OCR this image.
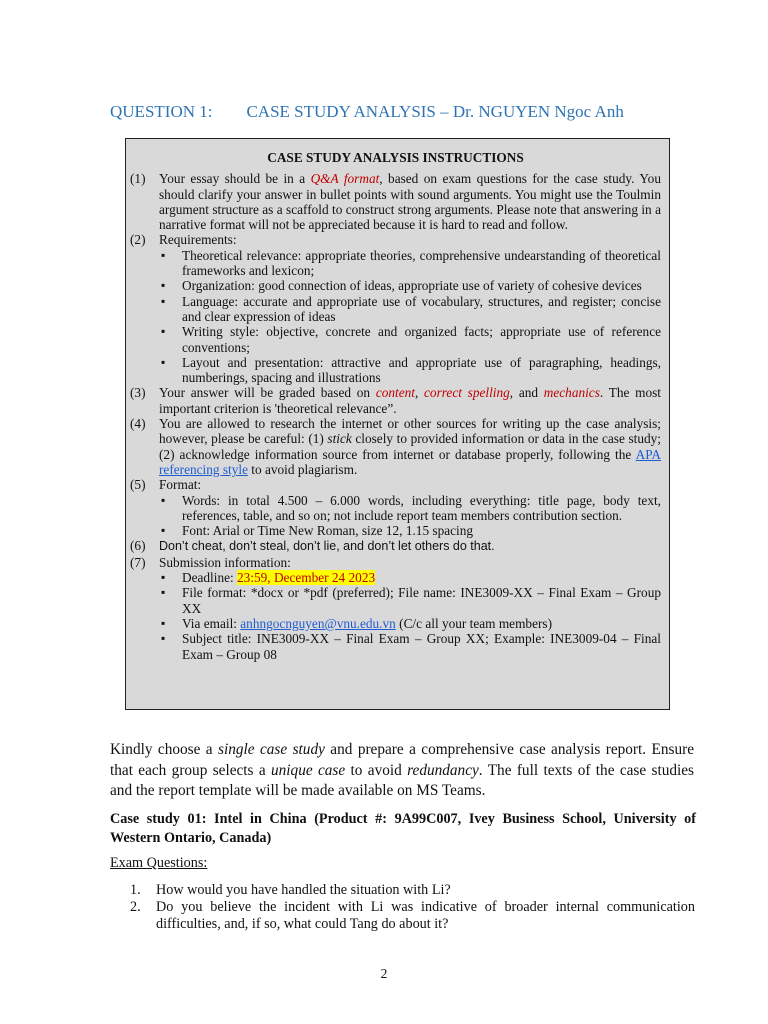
QUESTION 1: CASE STUDY ANALYSIS – Dr. NGUYEN Ngoc Anh
CASE STUDY ANALYSIS INSTRUCTIONS
(1) Your essay should be in a Q&A format, based on exam questions for the case study. You should clarify your answer in bullet points with sound arguments. You might use the Toulmin argument structure as a scaffold to construct strong arguments. Please note that answering in a narrative format will not be appreciated because it is hard to read and follow.
(2) Requirements:
▪ Theoretical relevance: appropriate theories, comprehensive undearstanding of theoretical frameworks and lexicon;
▪ Organization: good connection of ideas, appropriate use of variety of cohesive devices
▪ Language: accurate and appropriate use of vocabulary, structures, and register; concise and clear expression of ideas
▪ Writing style: objective, concrete and organized facts; appropriate use of reference conventions;
▪ Layout and presentation: attractive and appropriate use of paragraphing, headings, numberings, spacing and illustrations
(3) Your answer will be graded based on content, correct spelling, and mechanics. The most important criterion is 'theoretical relevance”.
(4) You are allowed to research the internet or other sources for writing up the case analysis; however, please be careful: (1) stick closely to provided information or data in the case study; (2) acknowledge information source from internet or database properly, following the APA referencing style to avoid plagiarism.
(5) Format:
▪ Words: in total 4.500 – 6.000 words, including everything: title page, body text, references, table, and so on; not include report team members contribution section.
▪ Font: Arial or Time New Roman, size 12, 1.15 spacing
(6) Don’t cheat, don’t steal, don’t lie, and don’t let others do that.
(7) Submission information:
▪ Deadline: 23:59, December 24 2023
▪ File format: *docx or *pdf (preferred); File name: INE3009-XX – Final Exam – Group XX
▪ Via email: anhngocnguyen@vnu.edu.vn (C/c all your team members)
▪ Subject title: INE3009-XX – Final Exam – Group XX; Example: INE3009-04 – Final Exam – Group 08
Kindly choose a single case study and prepare a comprehensive case analysis report. Ensure that each group selects a unique case to avoid redundancy. The full texts of the case studies and the report template will be made available on MS Teams.
Case study 01: Intel in China (Product #: 9A99C007, Ivey Business School, University of Western Ontario, Canada)
Exam Questions:
1. How would you have handled the situation with Li?
2. Do you believe the incident with Li was indicative of broader internal communication difficulties, and, if so, what could Tang do about it?
2
